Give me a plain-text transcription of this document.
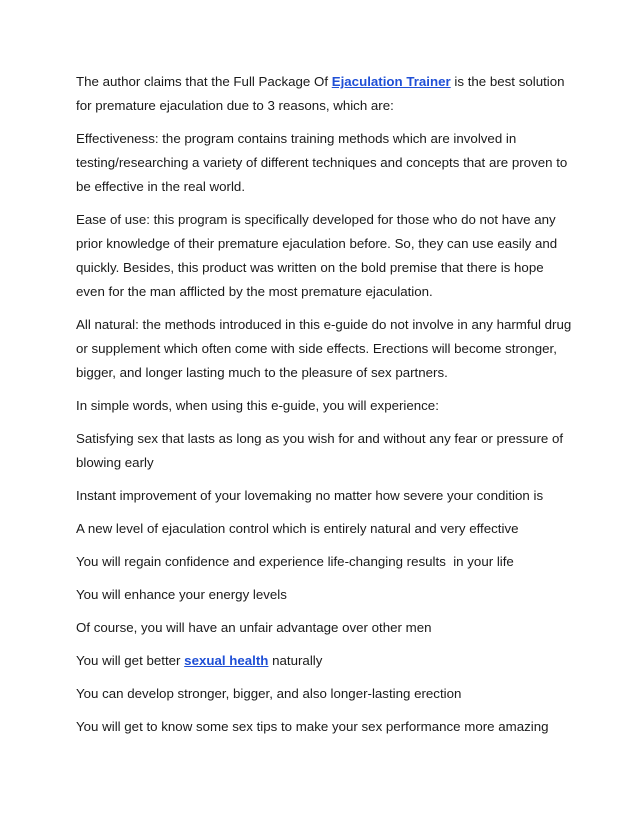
The author claims that the Full Package Of Ejaculation Trainer is the best solution for premature ejaculation due to 3 reasons, which are:

Effectiveness: the program contains training methods which are involved in testing/researching a variety of different techniques and concepts that are proven to be effective in the real world.

Ease of use: this program is specifically developed for those who do not have any prior knowledge of their premature ejaculation before. So, they can use easily and quickly. Besides, this product was written on the bold premise that there is hope even for the man afflicted by the most premature ejaculation.

All natural: the methods introduced in this e-guide do not involve in any harmful drug or supplement which often come with side effects. Erections will become stronger, bigger, and longer lasting much to the pleasure of sex partners.

In simple words, when using this e-guide, you will experience:

Satisfying sex that lasts as long as you wish for and without any fear or pressure of blowing early

Instant improvement of your lovemaking no matter how severe your condition is

A new level of ejaculation control which is entirely natural and very effective

You will regain confidence and experience life-changing results  in your life

You will enhance your energy levels

Of course, you will have an unfair advantage over other men

You will get better sexual health naturally

You can develop stronger, bigger, and also longer-lasting erection

You will get to know some sex tips to make your sex performance more amazing
